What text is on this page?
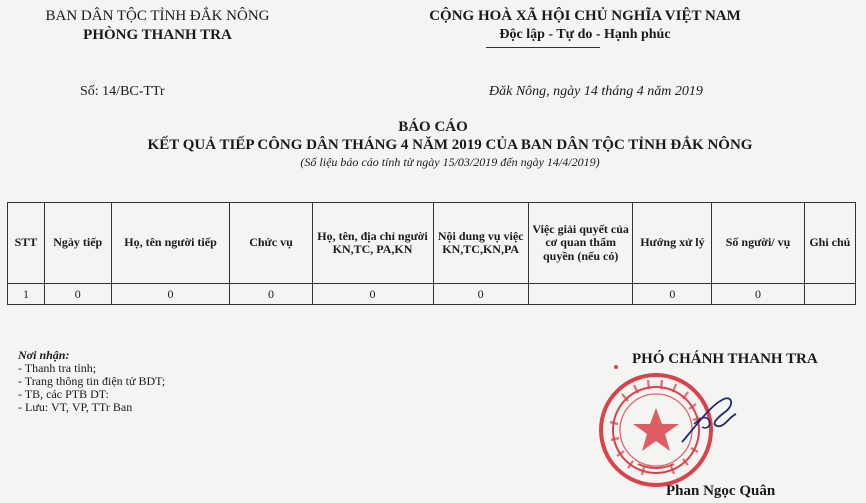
BAN DÂN TỘC TỈNH ĐẮK NÔNG
PHÒNG THANH TRA
CỘNG HOÀ XÃ HỘI CHỦ NGHĨA VIỆT NAM
Độc lập - Tự do - Hạnh phúc
Số: 14/BC-TTr	Đăk Nông, ngày 14 tháng 4 năm 2019
BÁO CÁO
KẾT QUẢ TIẾP CÔNG DÂN THÁNG 4 NĂM 2019 CỦA BAN DÂN TỘC TỈNH ĐẮK NÔNG
(Số liệu báo cáo tính từ ngày 15/03/2019 đến ngày 14/4/2019)
STT	Ngày tiếp	Họ, tên người tiếp	Chức vụ	Họ, tên, địa chỉ người KN,TC, PA,KN	Nội dung vụ việc KN,TC,KN,PA	Việc giải quyết của cơ quan thẩm quyền (nếu có)	Hướng xử lý	Số người/ vụ	Ghi chú
1	0	0	0	0	0		0	0	
Nơi nhận:
- Thanh tra tỉnh;
- Trang thông tin điện tử BDT;
- TB, các PTB DT:
- Lưu: VT, VP, TTr Ban
PHÓ CHÁNH THANH TRA
Phan Ngọc Quân
